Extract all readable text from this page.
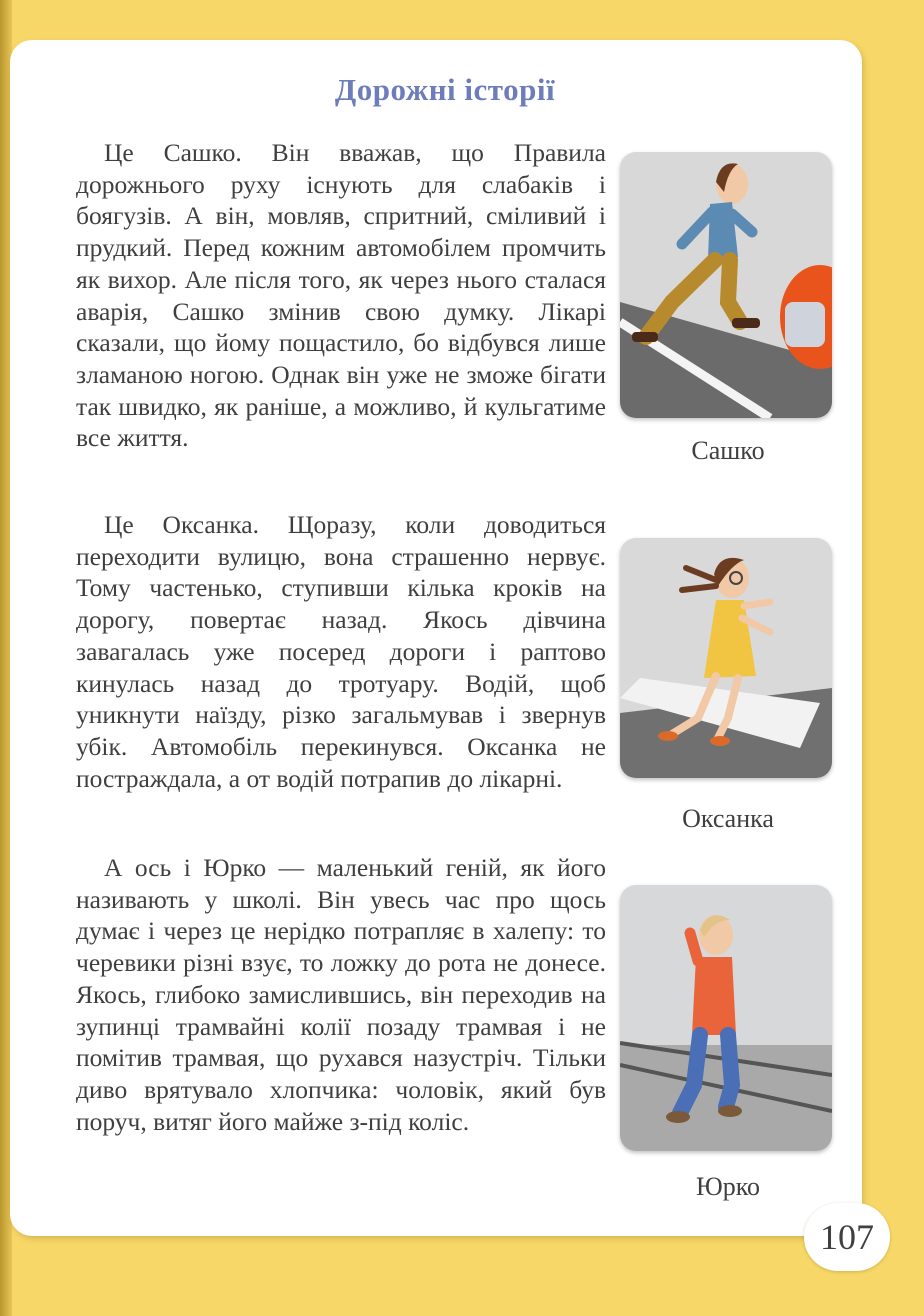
Дорожні історії

Це Сашко. Він вважав, що Правила дорожнього руху існують для слабаків і боягузів. А він, мовляв, спритний, сміливий і прудкий. Перед кожним автомобілем промчить як вихор. Але після того, як через нього сталася аварія, Сашко змінив свою думку. Лікарі сказали, що йому пощастило, бо відбувся лише зламаною ногою. Однак він уже не зможе бігати так швидко, як раніше, а можливо, й кульгатиме все життя.

Це Оксанка. Щоразу, коли доводиться переходити вулицю, вона страшенно нервує. Тому частенько, ступивши кілька кроків на дорогу, повертає назад. Якось дівчина завагалась уже посеред дороги і раптово кинулась назад до тротуару. Водій, щоб уникнути наїзду, різко загальмував і звернув убік. Автомобіль перекинувся. Оксанка не постраждала, а от водій потрапив до лікарні.

А ось і Юрко — маленький геній, як його називають у школі. Він увесь час про щось думає і через це нерідко потрапляє в халепу: то черевики різні взує, то ложку до рота не донесе. Якось, глибоко замислившись, він переходив на зупинці трамвайні колії позаду трамвая і не помітив трамвая, що рухався назустріч. Тільки диво врятувало хлопчика: чоловік, який був поруч, витяг його майже з-під коліс.

Сашко
Оксанка
Юрко
107
